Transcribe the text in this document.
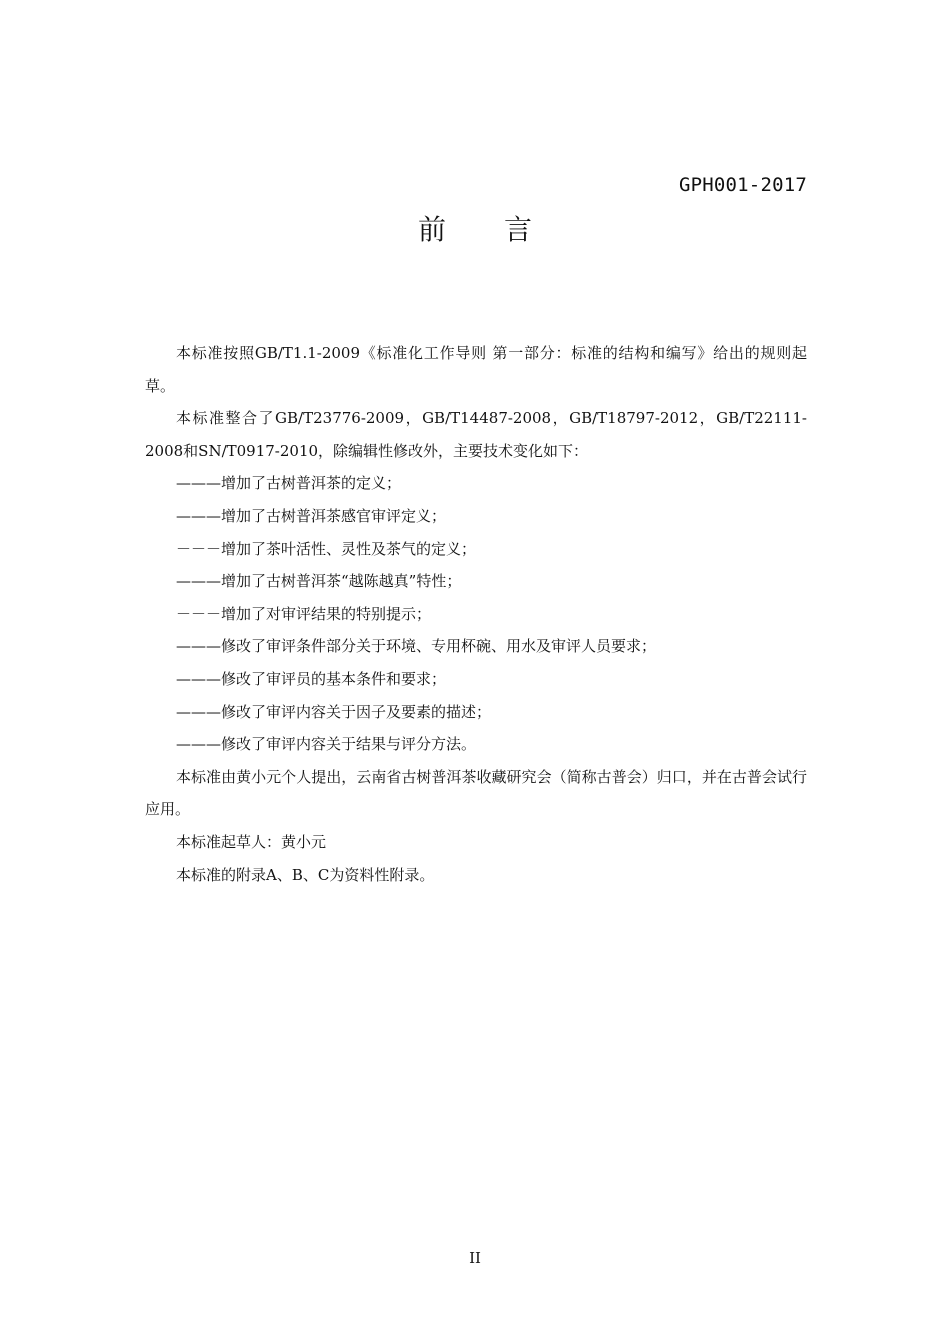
GPH001-2017
前 言

本标准按照GB/T1.1-2009《标准化工作导则 第一部分：标准的结构和编写》给出的规则起草。

本标准整合了GB/T23776-2009，GB/T14487-2008，GB/T18797-2012，GB/T22111-2008和SN/T0917-2010，除编辑性修改外，主要技术变化如下：

———增加了古树普洱茶的定义；

———增加了古树普洱茶感官审评定义；

－－－增加了茶叶活性、灵性及茶气的定义；

———增加了古树普洱茶“越陈越真”特性；

－－－增加了对审评结果的特别提示；

———修改了审评条件部分关于环境、专用杯碗、用水及审评人员要求；

———修改了审评员的基本条件和要求；

———修改了审评内容关于因子及要素的描述；

———修改了审评内容关于结果与评分方法。

本标准由黄小元个人提出，云南省古树普洱茶收藏研究会（简称古普会）归口，并在古普会试行应用。

本标准起草人：黄小元

本标准的附录A、B、C为资料性附录。

II
